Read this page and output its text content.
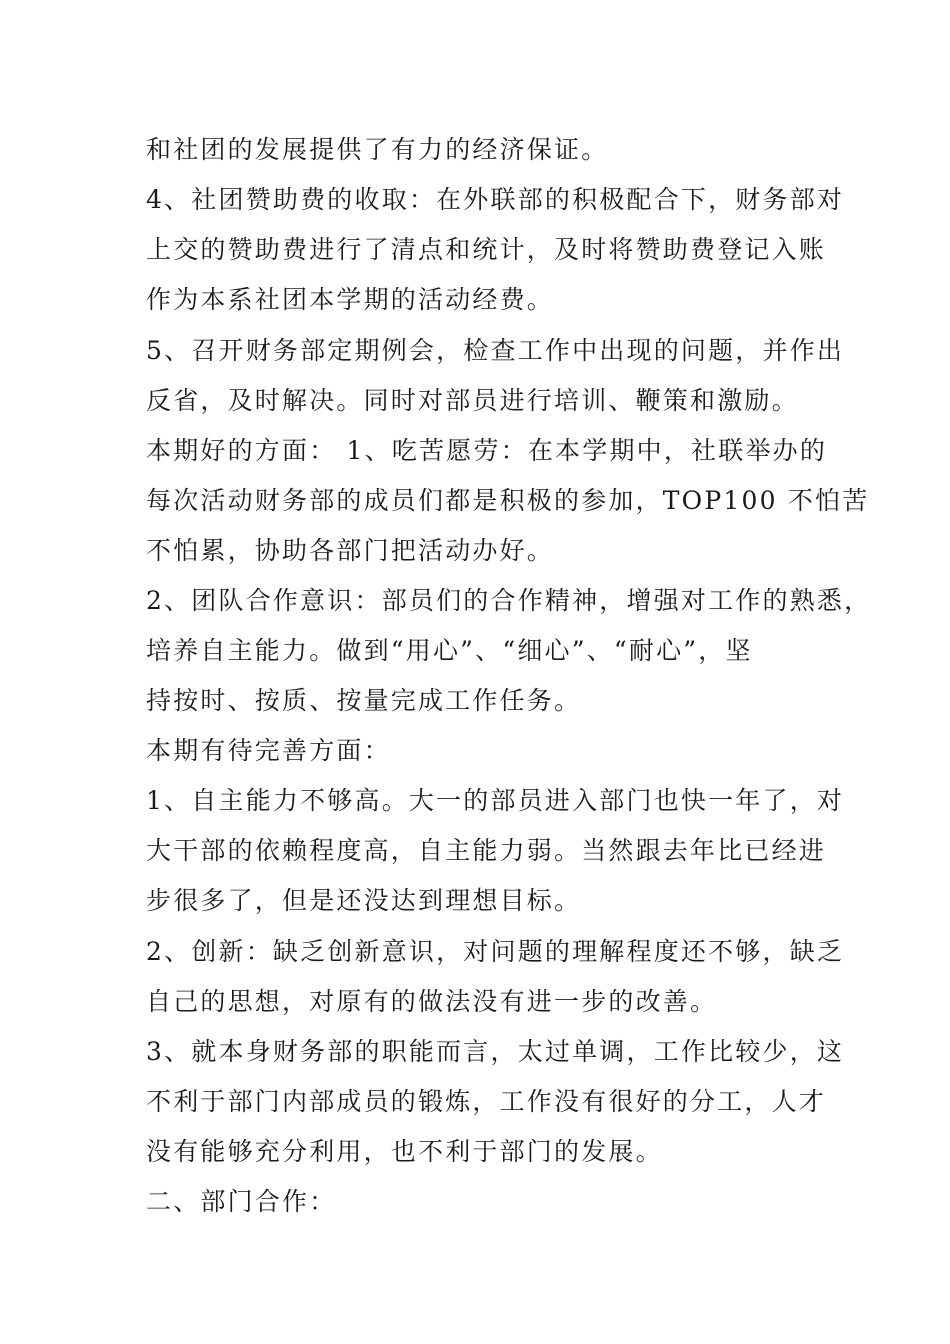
和社团的发展提供了有力的经济保证。

4、社团赞助费的收取：在外联部的积极配合下，财务部对

上交的赞助费进行了清点和统计，及时将赞助费登记入账

作为本系社团本学期的活动经费。

5、召开财务部定期例会，检查工作中出现的问题，并作出

反省，及时解决。同时对部员进行培训、鞭策和激励。

本期好的方面： 1、吃苦愿劳：在本学期中，社联举办的

每次活动财务部的成员们都是积极的参加，TOP100 不怕苦

不怕累，协助各部门把活动办好。

2、团队合作意识：部员们的合作精神，增强对工作的熟悉，

培养自主能力。做到“用心”、“细心”、“耐心”，坚

持按时、按质、按量完成工作任务。

本期有待完善方面：

1、自主能力不够高。大一的部员进入部门也快一年了，对

大干部的依赖程度高，自主能力弱。当然跟去年比已经进

步很多了，但是还没达到理想目标。

2、创新：缺乏创新意识，对问题的理解程度还不够，缺乏

自己的思想，对原有的做法没有进一步的改善。

3、就本身财务部的职能而言，太过单调，工作比较少，这

不利于部门内部成员的锻炼，工作没有很好的分工，人才

没有能够充分利用，也不利于部门的发展。

二、部门合作：
